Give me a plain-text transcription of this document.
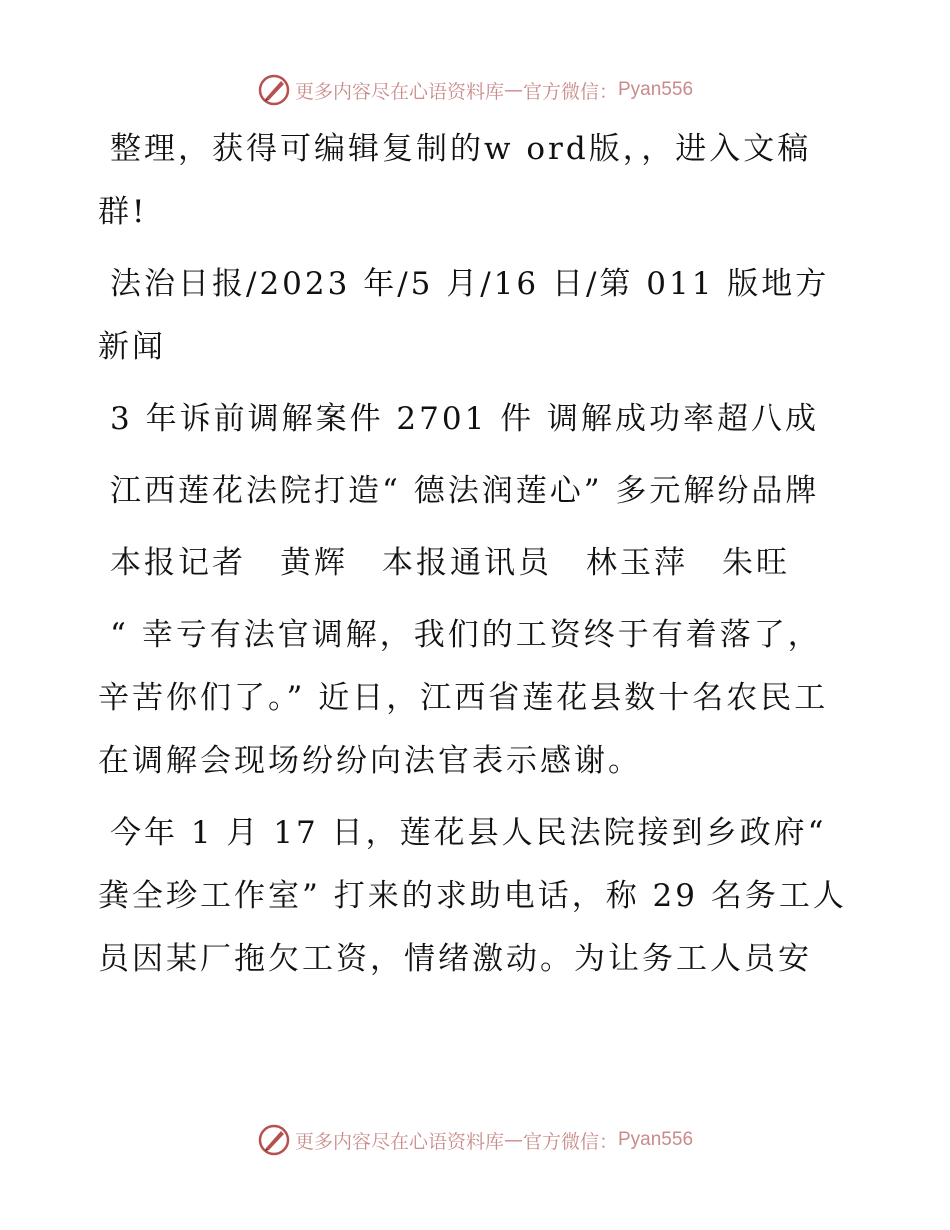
更多内容尽在心语资料库 — 官方微信： Pyan556

整理，获得可编辑复制的w ord版，，进入文稿群!

法治日报/2023 年/5 月/16 日/第 011 版地方新闻

3 年诉前调解案件 2701 件 调解成功率超八成

江西莲花法院打造“ 德法润莲心” 多元解纷品牌

本报记者　黄辉　本报通讯员　林玉萍　朱旺

“ 幸亏有法官调解，我们的工资终于有着落了，辛苦你们了。” 近日，江西省莲花县数十名农民工在调解会现场纷纷向法官表示感谢。

今年 1 月 17 日，莲花县人民法院接到乡政府“ 龚全珍工作室” 打来的求助电话，称 29 名务工人员因某厂拖欠工资，情绪激动。为让务工人员安

更多内容尽在心语资料库 — 官方微信： Pyan556
